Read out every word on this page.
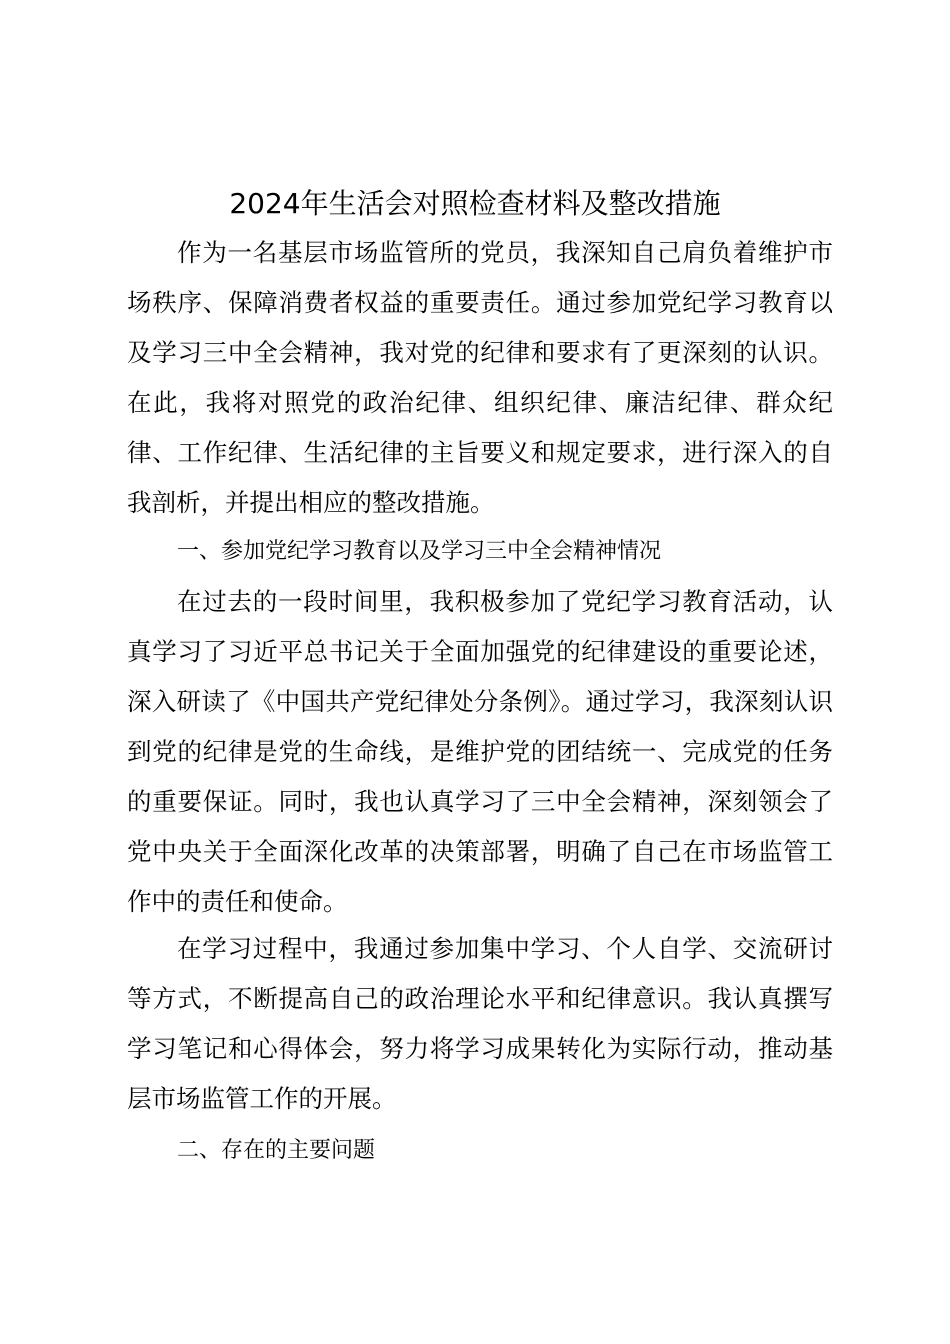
2024年生活会对照检查材料及整改措施

作为一名基层市场监管所的党员，我深知自己肩负着维护市场秩序、保障消费者权益的重要责任。通过参加党纪学习教育以及学习三中全会精神，我对党的纪律和要求有了更深刻的认识。在此，我将对照党的政治纪律、组织纪律、廉洁纪律、群众纪律、工作纪律、生活纪律的主旨要义和规定要求，进行深入的自我剖析，并提出相应的整改措施。

一、参加党纪学习教育以及学习三中全会精神情况

在过去的一段时间里，我积极参加了党纪学习教育活动，认真学习了习近平总书记关于全面加强党的纪律建设的重要论述，深入研读了《中国共产党纪律处分条例》。通过学习，我深刻认识到党的纪律是党的生命线，是维护党的团结统一、完成党的任务的重要保证。同时，我也认真学习了三中全会精神，深刻领会了党中央关于全面深化改革的决策部署，明确了自己在市场监管工作中的责任和使命。

在学习过程中，我通过参加集中学习、个人自学、交流研讨等方式，不断提高自己的政治理论水平和纪律意识。我认真撰写学习笔记和心得体会，努力将学习成果转化为实际行动，推动基层市场监管工作的开展。

二、存在的主要问题
